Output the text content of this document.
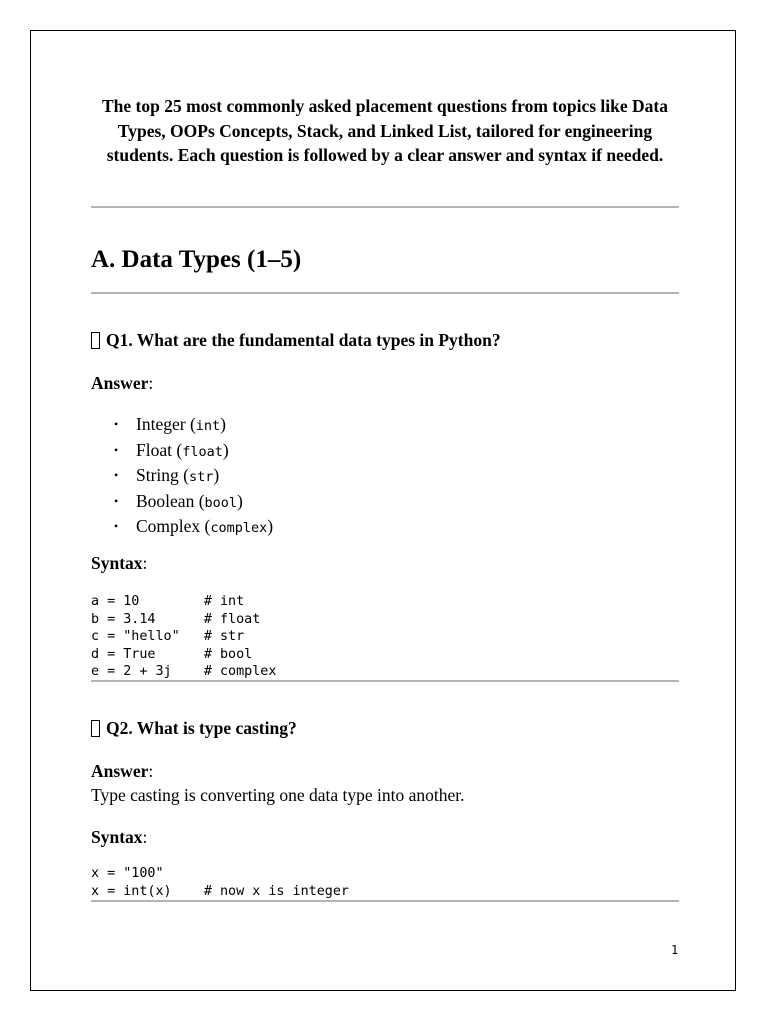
The top 25 most commonly asked placement questions from topics like Data Types, OOPs Concepts, Stack, and Linked List, tailored for engineering students. Each question is followed by a clear answer and syntax if needed.
A. Data Types (1–5)
Q1. What are the fundamental data types in Python?
Answer:
• Integer (int)
• Float (float)
• String (str)
• Boolean (bool)
• Complex (complex)
Syntax:
a = 10        # int
b = 3.14      # float
c = "hello"   # str
d = True      # bool
e = 2 + 3j    # complex
Q2. What is type casting?
Answer:
Type casting is converting one data type into another.
Syntax:
x = "100"
x = int(x)    # now x is integer
1
